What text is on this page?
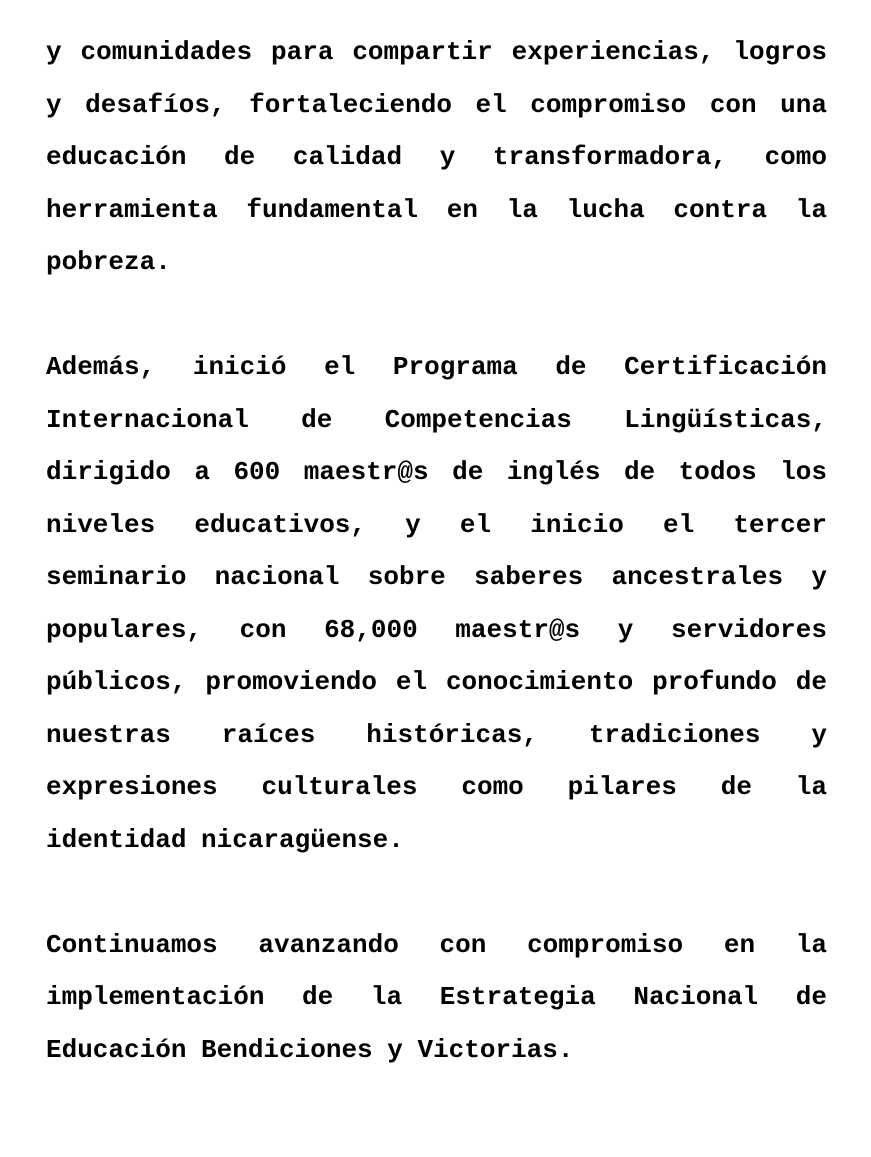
y comunidades para compartir experiencias, logros y desafíos, fortaleciendo el compromiso con una educación de calidad y transformadora, como herramienta fundamental en la lucha contra la pobreza.

Además, inició el Programa de Certificación Internacional de Competencias Lingüísticas, dirigido a 600 maestr@s de inglés de todos los niveles educativos, y el inicio el tercer seminario nacional sobre saberes ancestrales y populares, con 68,000 maestr@s y servidores públicos, promoviendo el conocimiento profundo de nuestras raíces históricas, tradiciones y expresiones culturales como pilares de la identidad nicaragüense.

Continuamos avanzando con compromiso en la implementación de la Estrategia Nacional de Educación Bendiciones y Victorias.
